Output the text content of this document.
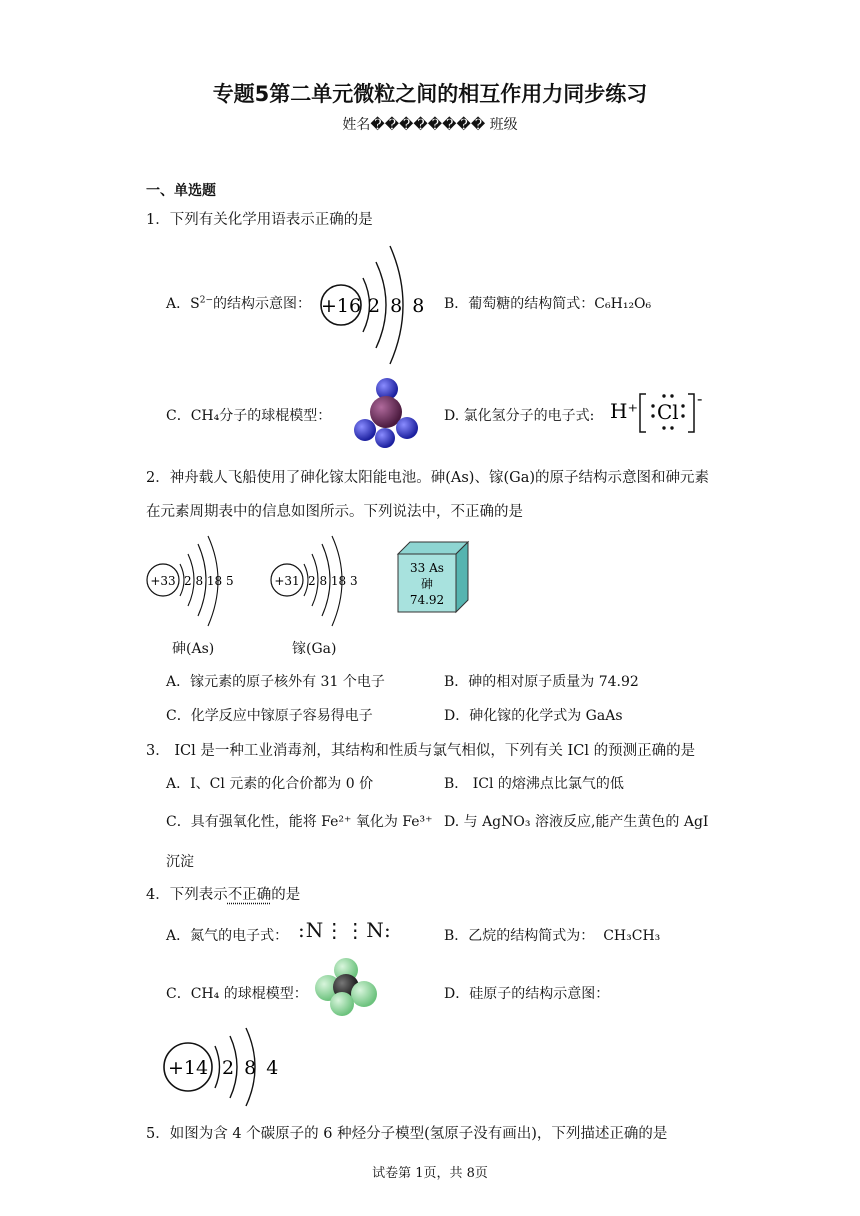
专题5第二单元微粒之间的相互作用力同步练习
姓名�������� 班级
一、单选题
1．下列有关化学用语表示正确的是
A．$S^{2-}$的结构示意图： +16 2 8 8 B．葡萄糖的结构简式：C₆H₁₂O₆
C．CH₄分子的球棍模型：	D. 氯化氢分子的电子式: H⁺ Cl
-
2．神舟载人飞船使用了砷化镓太阳能电池。砷(As)、镓(Ga)的原子结构示意图和砷元素
在元素周期表中的信息如图所示。下列说法中，不正确的是
+33 2 8 18 5
砷(As)
+31 2 8 18 3
镓(Ga)
33 As
砷
74.92
A．镓元素的原子核外有 31 个电子	B．砷的相对原子质量为 74.92
C．化学反应中镓原子容易得电子	D．砷化镓的化学式为 GaAs
3． ICl 是一种工业消毒剂，其结构和性质与氯气相似，下列有关 ICl 的预测正确的是
A．I、Cl 元素的化合价都为 0 价	B． ICl 的熔沸点比氯气的低
C．具有强氧化性，能将 Fe²⁺ 氧化为 Fe³⁺ D. 与 AgNO₃ 溶液反应,能产生黄色的 AgI
沉淀
4．下列表示不正确的是
A．氮气的电子式： :N⋮⋮N:	B．乙烷的结构简式为： CH₃CH₃
C．CH₄ 的球棍模型：	D．硅原子的结构示意图：
+14 2 8 4
5．如图为含 4 个碳原子的 6 种烃分子模型(氢原子没有画出)，下列描述正确的是
试卷第 1页，共 8页
